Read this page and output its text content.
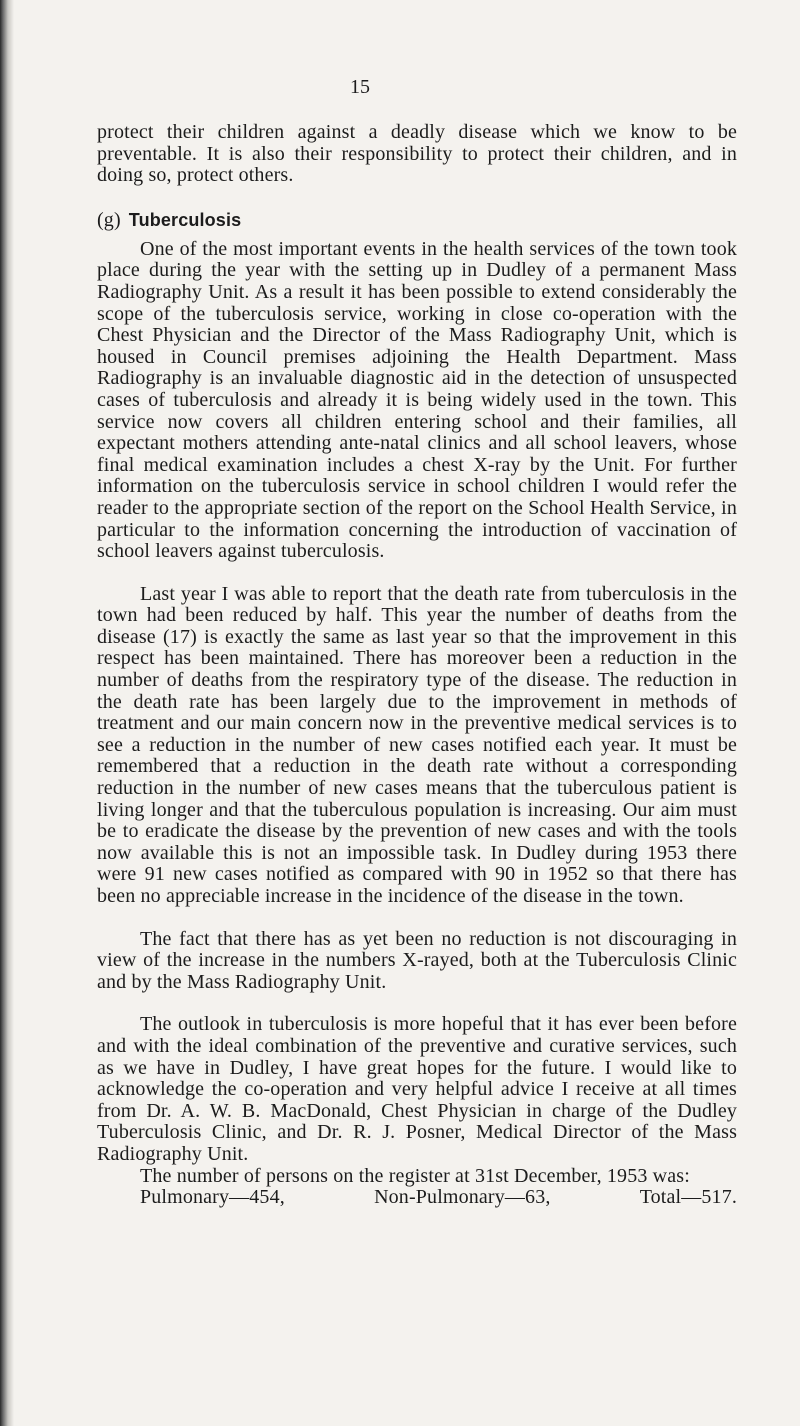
15

protect their children against a deadly disease which we know to be preventable. It is also their responsibility to protect their children, and in doing so, protect others.

(g) Tuberculosis

One of the most important events in the health services of the town took place during the year with the setting up in Dudley of a permanent Mass Radiography Unit. As a result it has been possible to extend considerably the scope of the tuberculosis service, working in close co-operation with the Chest Physician and the Director of the Mass Radiography Unit, which is housed in Council premises adjoining the Health Department. Mass Radiography is an invaluable diagnostic aid in the detection of unsuspected cases of tuberculosis and already it is being widely used in the town. This service now covers all children entering school and their families, all expectant mothers attending ante-natal clinics and all school leavers, whose final medical examination includes a chest X-ray by the Unit. For further information on the tuberculosis service in school children I would refer the reader to the appropriate section of the report on the School Health Service, in particular to the information concerning the introduction of vaccination of school leavers against tuberculosis.

Last year I was able to report that the death rate from tuberculosis in the town had been reduced by half. This year the number of deaths from the disease (17) is exactly the same as last year so that the improvement in this respect has been maintained. There has moreover been a reduction in the number of deaths from the respiratory type of the disease. The reduction in the death rate has been largely due to the improvement in methods of treatment and our main concern now in the preventive medical services is to see a reduction in the number of new cases notified each year. It must be remembered that a reduction in the death rate without a corresponding reduction in the number of new cases means that the tuberculous patient is living longer and that the tuberculous population is increasing. Our aim must be to eradicate the disease by the prevention of new cases and with the tools now available this is not an impossible task. In Dudley during 1953 there were 91 new cases notified as compared with 90 in 1952 so that there has been no appreciable increase in the incidence of the disease in the town.

The fact that there has as yet been no reduction is not discouraging in view of the increase in the numbers X-rayed, both at the Tuberculosis Clinic and by the Mass Radiography Unit.

The outlook in tuberculosis is more hopeful that it has ever been before and with the ideal combination of the preventive and curative services, such as we have in Dudley, I have great hopes for the future. I would like to acknowledge the co-operation and very helpful advice I receive at all times from Dr. A. W. B. MacDonald, Chest Physician in charge of the Dudley Tuberculosis Clinic, and Dr. R. J. Posner, Medical Director of the Mass Radiography Unit.

The number of persons on the register at 31st December, 1953 was:

Pulmonary—454,	Non-Pulmonary—63,	Total—517.
